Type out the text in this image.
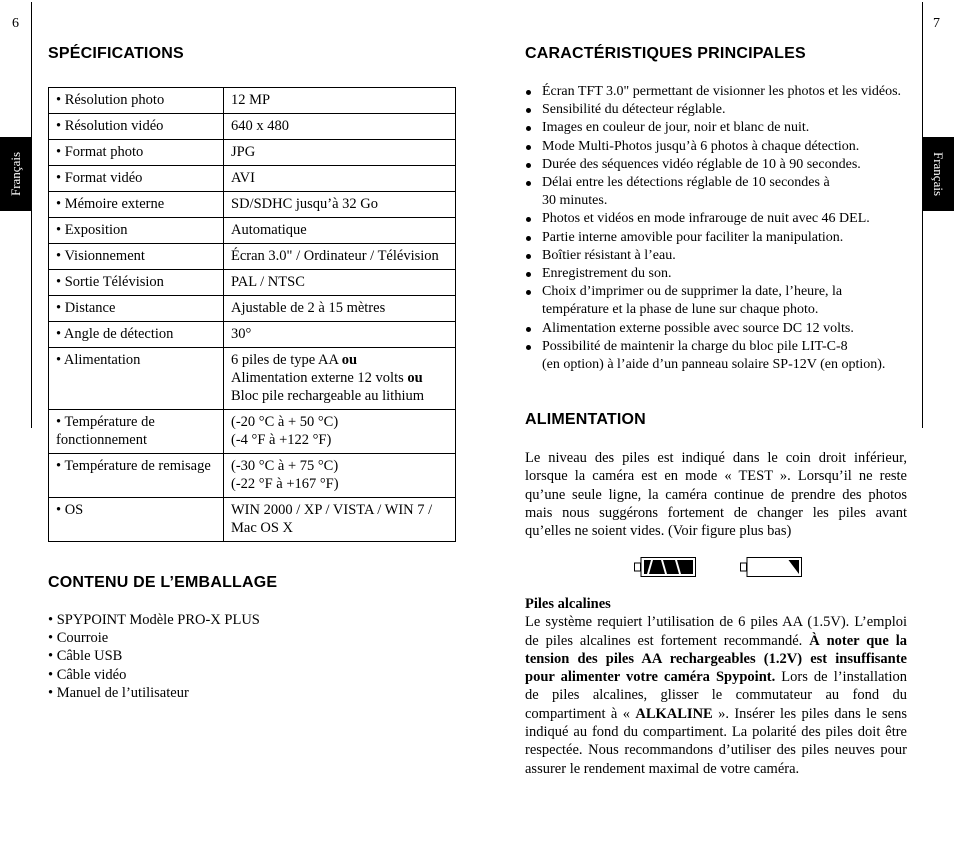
6	7
Français	Français
SPÉCIFICATIONS
• Résolution photo	12 MP
• Résolution vidéo	640 x 480
• Format photo	JPG
• Format vidéo	AVI
• Mémoire externe	SD/SDHC jusqu’à 32 Go
• Exposition	Automatique
• Visionnement	Écran 3.0" / Ordinateur / Télévision
• Sortie Télévision	PAL / NTSC
• Distance	Ajustable de 2 à 15 mètres
• Angle de détection	30°
• Alimentation	6 piles de type AA ou
Alimentation externe 12 volts ou
Bloc pile rechargeable au lithium
• Température de
fonctionnement	(-20 °C à + 50 °C)
(-4 °F à +122 °F)
• Température de remisage	(-30 °C à + 75 °C)
(-22 °F à +167 °F)
• OS	WIN 2000 / XP / VISTA / WIN 7 /
Mac OS X
CONTENU DE L’EMBALLAGE
• SPYPOINT Modèle PRO-X PLUS
• Courroie
• Câble USB
• Câble vidéo
• Manuel de l’utilisateur
CARACTÉRISTIQUES PRINCIPALES
Écran TFT 3.0" permettant de visionner les photos et les vidéos.
Sensibilité du détecteur réglable.
Images en couleur de jour, noir et blanc de nuit.
Mode Multi-Photos jusqu’à 6 photos à chaque détection.
Durée des séquences vidéo réglable de 10 à 90 secondes.
Délai entre les détections réglable de 10 secondes à
30 minutes.
Photos et vidéos en mode infrarouge de nuit avec 46 DEL.
Partie interne amovible pour faciliter la manipulation.
Boîtier résistant à l’eau.
Enregistrement du son.
Choix d’imprimer ou de supprimer la date, l’heure, la
température et la phase de lune sur chaque photo.
Alimentation externe possible avec source DC 12 volts.
Possibilité de maintenir la charge du bloc pile LIT-C-8
(en option) à l’aide d’un panneau solaire SP-12V (en option).
ALIMENTATION

Le niveau des piles est indiqué dans le coin droit inférieur, lorsque la caméra est en mode « TEST ». Lorsqu’il ne reste qu’une seule ligne, la caméra continue de prendre des photos mais nous suggérons fortement de changer les piles avant qu’elles ne soient vides. (Voir figure plus bas)

Piles alcalines
Le système requiert l’utilisation de 6 piles AA (1.5V). L’emploi de piles alcalines est fortement recommandé. À noter que la tension des piles AA rechargeables (1.2V) est insuffisante pour alimenter votre caméra Spypoint. Lors de l’installation de piles alcalines, glisser le commutateur au fond du compartiment à « ALKALINE ». Insérer les piles dans le sens indiqué au fond du compartiment. La polarité des piles doit être respectée. Nous recommandons d’utiliser des piles neuves pour assurer le rendement maximal de votre caméra.
